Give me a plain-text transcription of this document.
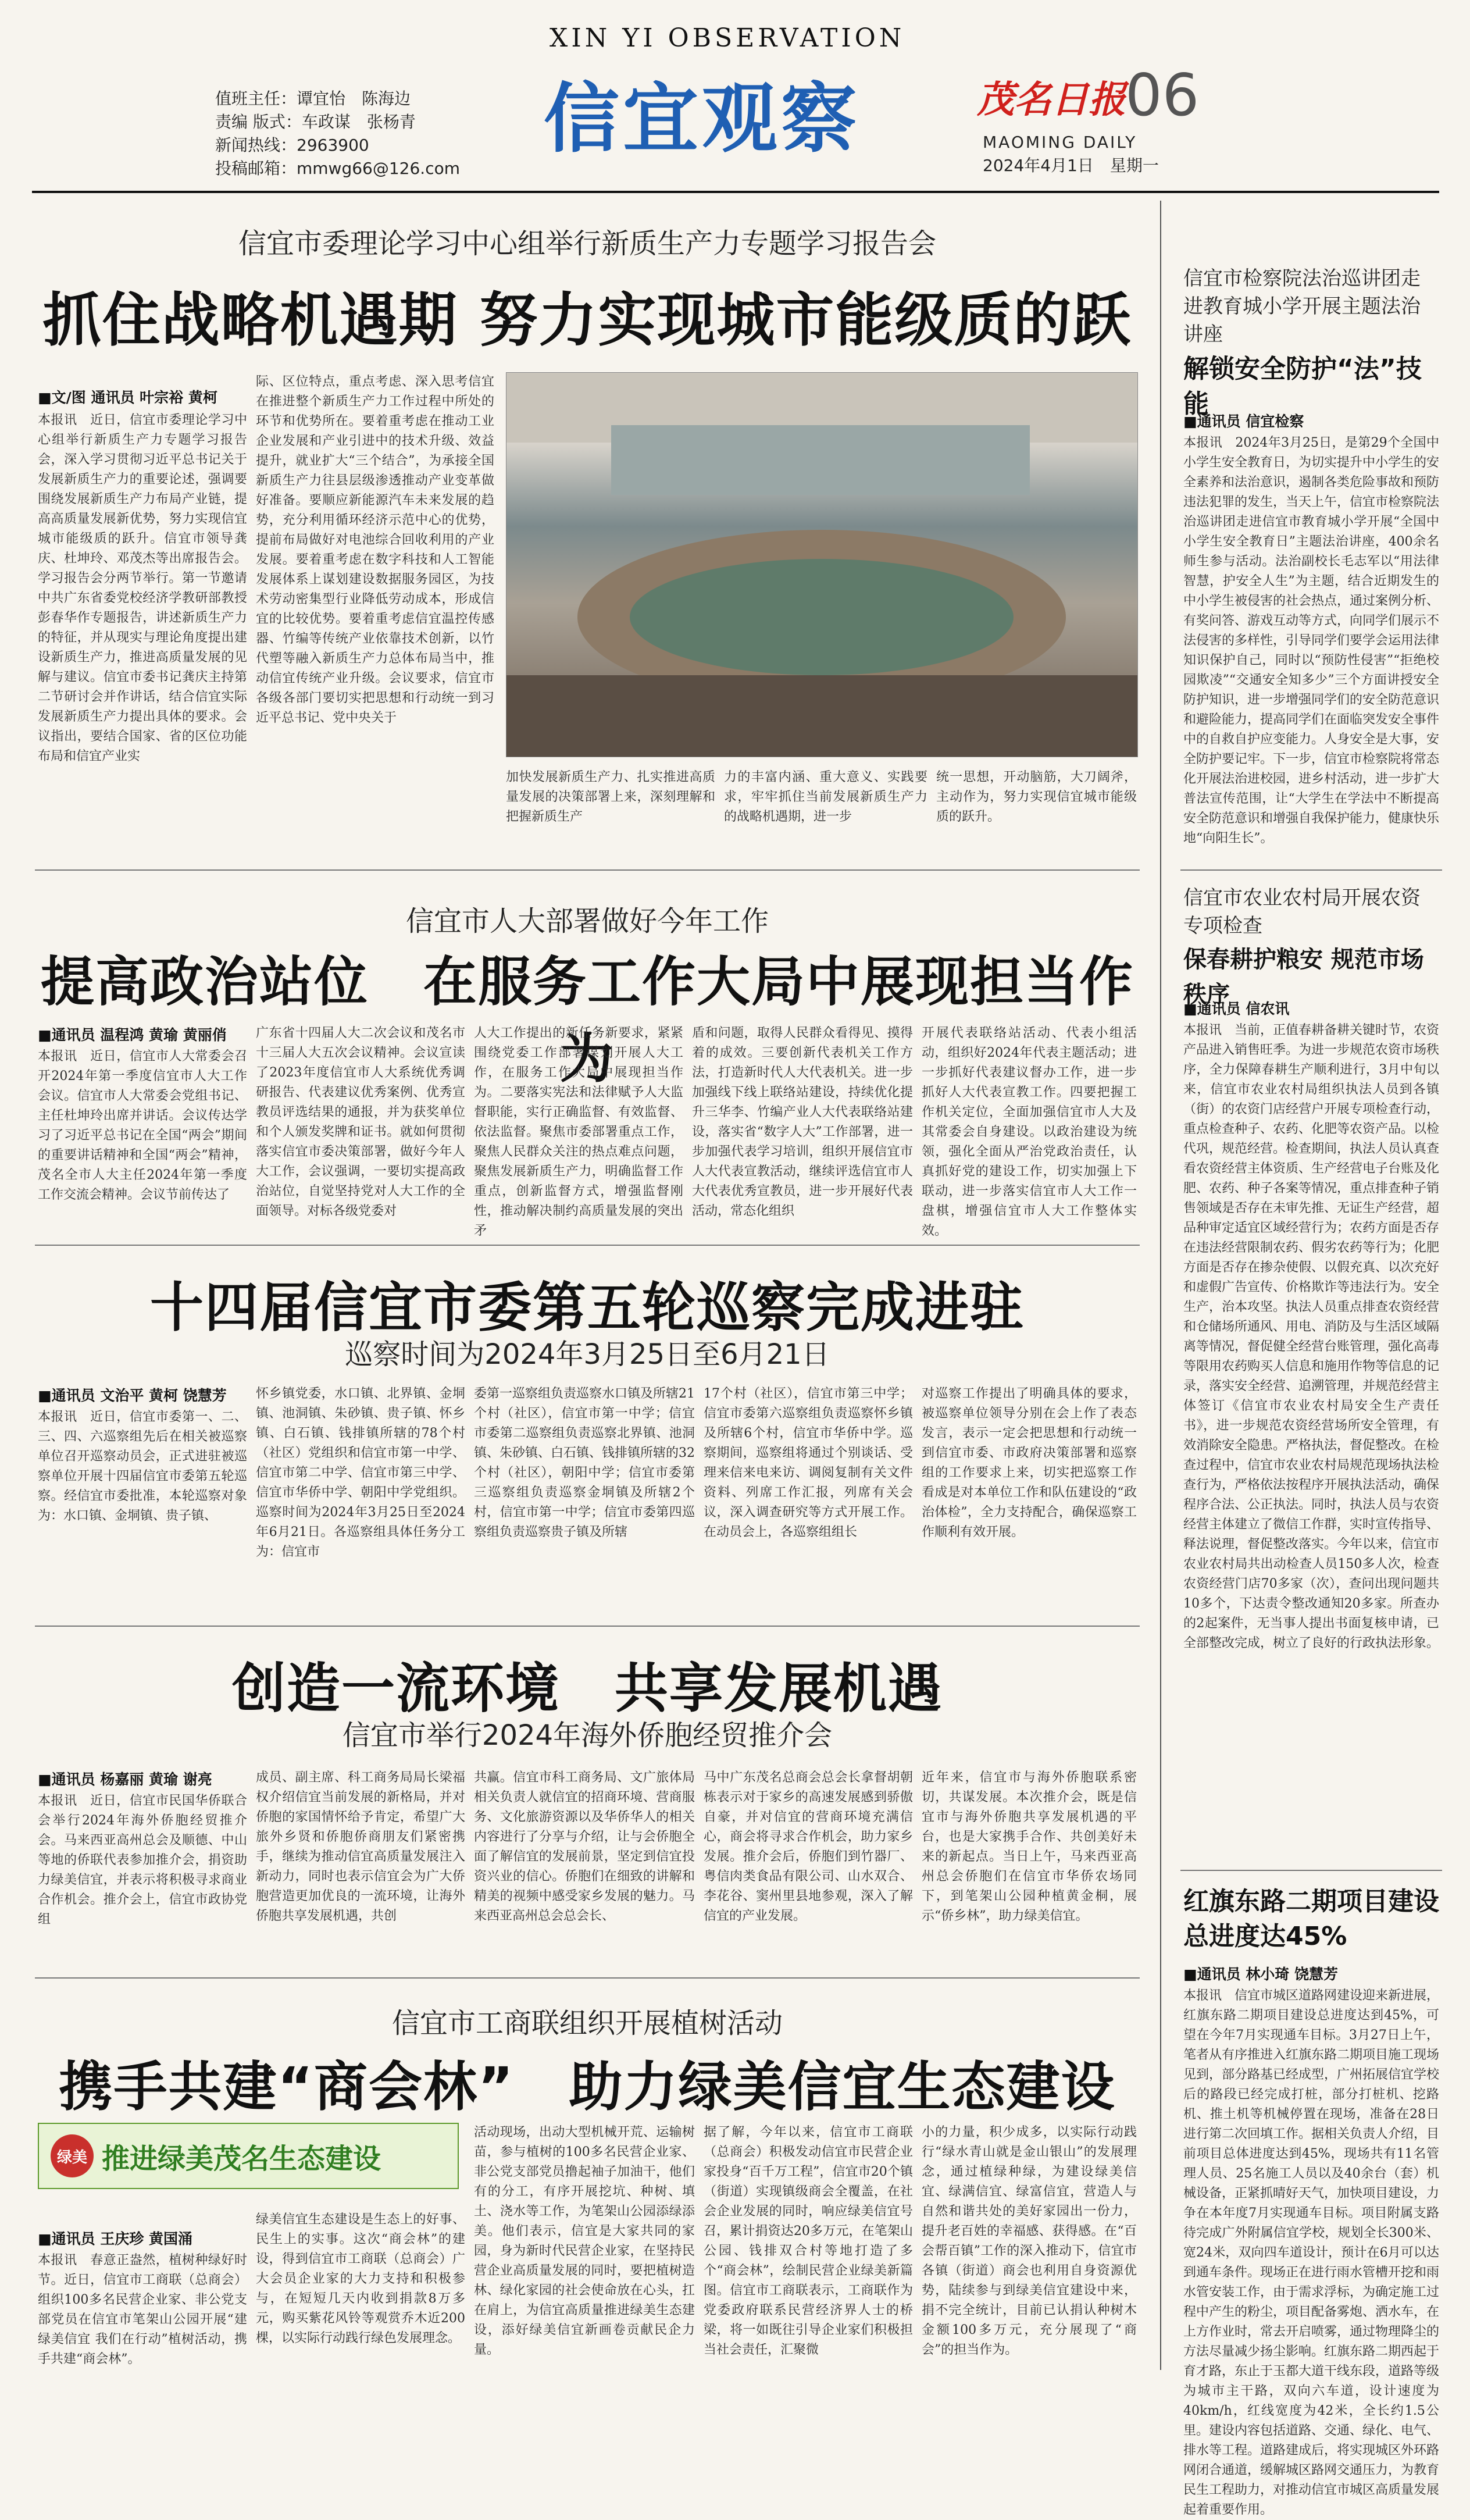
XIN YI OBSERVATION
信宜观察
值班主任：谭宜怡　陈海边
责编 版式：车政谋　张杨青
新闻热线：2963900
投稿邮箱：mmwg66@126.com
茂名日报 06
MAOMING DAILY
2024年4月1日　星期一
信宜市委理论学习中心组举行新质生产力专题学习报告会
抓住战略机遇期 努力实现城市能级质的跃
■文/图 通讯员 叶宗裕 黄柯
本报讯　近日，信宜市委理论学习中心组举行新质生产力专题学习报告会，深入学习贯彻习近平总书记关于发展新质生产力的重要论述，强调要围绕发展新质生产力布局产业链，提高高质量发展新优势，努力实现信宜城市能级质的跃升。信宜市领导龚庆、杜坤玲、邓茂杰等出席报告会。学习报告会分两节举行。第一节邀请中共广东省委党校经济学教研部教授彭春华作专题报告，讲述新质生产力的特征，并从现实与理论角度提出建设新质生产力，推进高质量发展的见解与建议。信宜市委书记龚庆主持第二节研讨会并作讲话，结合信宜实际发展新质生产力提出具体的要求。会议指出，要结合国家、省的区位功能布局和信宜产业实
际、区位特点，重点考虑、深入思考信宜在推进整个新质生产力工作过程中所处的环节和优势所在。要着重考虑在推动工业企业发展和产业引进中的技术升级、效益提升，就业扩大“三个结合”，为承接全国新质生产力往县层级渗透推动产业变革做好准备。要顺应新能源汽车未来发展的趋势，充分利用循环经济示范中心的优势，提前布局做好对电池综合回收利用的产业发展。要着重考虑在数字科技和人工智能发展体系上谋划建设数据服务园区，为技术劳动密集型行业降低劳动成本，形成信宜的比较优势。要着重考虑信宜温控传感器、竹编等传统产业依靠技术创新，以竹代塑等融入新质生产力总体布局当中，推动信宜传统产业升级。会议要求，信宜市各级各部门要切实把思想和行动统一到习近平总书记、党中央关于
加快发展新质生产力、扎实推进高质量发展的决策部署上来，深刻理解和把握新质生产
力的丰富内涵、重大意义、实践要求，牢牢抓住当前发展新质生产力的战略机遇期，进一步
统一思想，开动脑筋，大刀阔斧，主动作为，努力实现信宜城市能级质的跃升。
信宜市人大部署做好今年工作
提高政治站位　在服务工作大局中展现担当作为
■通讯员 温程鸿 黄瑜 黄丽俏
本报讯　近日，信宜市人大常委会召开2024年第一季度信宜市人大工作会议。信宜市人大常委会党组书记、主任杜坤玲出席并讲话。会议传达学习了习近平总书记在全国“两会”期间的重要讲话精神和全国“两会”精神，茂名全市人大主任2024年第一季度工作交流会精神。会议节前传达了
广东省十四届人大二次会议和茂名市十三届人大五次会议精神。会议宣读了2023年度信宜市人大系统优秀调研报告、代表建议优秀案例、优秀宣教员评选结果的通报，并为获奖单位和个人颁发奖牌和证书。就如何贯彻落实信宜市委决策部署，做好今年人大工作，会议强调，一要切实提高政治站位，自觉坚持党对人大工作的全面领导。对标各级党委对
人大工作提出的新任务新要求，紧紧围绕党委工作部署谋划开展人大工作，在服务工作大局中展现担当作为。二要落实宪法和法律赋予人大监督职能，实行正确监督、有效监督、依法监督。聚焦市委部署重点工作，聚焦人民群众关注的热点难点问题，聚焦发展新质生产力，明确监督工作重点，创新监督方式，增强监督刚性，推动解决制约高质量发展的突出矛
盾和问题，取得人民群众看得见、摸得着的成效。三要创新代表机关工作方法，打造新时代人大代表机关。进一步加强线下线上联络站建设，持续优化提升三华李、竹编产业人大代表联络站建设，落实省“数字人大”工作部署，进一步加强代表学习培训，组织开展信宜市人大代表宣教活动，继续评选信宜市人大代表优秀宣教员，进一步开展好代表活动，常态化组织
开展代表联络站活动、代表小组活动，组织好2024年代表主题活动；进一步抓好代表建议督办工作，进一步抓好人大代表宣教工作。四要把握工作机关定位，全面加强信宜市人大及其常委会自身建设。以政治建设为统领，强化全面从严治党政治责任，认真抓好党的建设工作，切实加强上下联动，进一步落实信宜市人大工作一盘棋，增强信宜市人大工作整体实效。
十四届信宜市委第五轮巡察完成进驻
巡察时间为2024年3月25日至6月21日
■通讯员 文治平 黄柯 饶慧芳
本报讯　近日，信宜市委第一、二、三、四、六巡察组先后在相关被巡察单位召开巡察动员会，正式进驻被巡察单位开展十四届信宜市委第五轮巡察。经信宜市委批准，本轮巡察对象为：水口镇、金垌镇、贵子镇、
怀乡镇党委，水口镇、北界镇、金垌镇、池洞镇、朱砂镇、贵子镇、怀乡镇、白石镇、钱排镇所辖的78个村（社区）党组织和信宜市第一中学、信宜市第二中学、信宜市第三中学、信宜市华侨中学、朝阳中学党组织。巡察时间为2024年3月25日至2024年6月21日。各巡察组具体任务分工为：信宜市
委第一巡察组负责巡察水口镇及所辖21个村（社区），信宜市第一中学；信宜市委第二巡察组负责巡察北界镇、池洞镇、朱砂镇、白石镇、钱排镇所辖的32个村（社区），朝阳中学；信宜市委第三巡察组负责巡察金垌镇及所辖2个村，信宜市第一中学；信宜市委第四巡察组负责巡察贵子镇及所辖
17个村（社区），信宜市第三中学；信宜市委第六巡察组负责巡察怀乡镇及所辖6个村，信宜市华侨中学。巡察期间，巡察组将通过个别谈话、受理来信来电来访、调阅复制有关文件资料、列席工作汇报，列席有关会议，深入调查研究等方式开展工作。在动员会上，各巡察组组长
对巡察工作提出了明确具体的要求，被巡察单位领导分别在会上作了表态发言，表示一定会把思想和行动统一到信宜市委、市政府决策部署和巡察组的工作要求上来，切实把巡察工作看成是对本单位工作和队伍建设的“政治体检”，全力支持配合，确保巡察工作顺利有效开展。
创造一流环境　共享发展机遇
信宜市举行2024年海外侨胞经贸推介会
■通讯员 杨嘉丽 黄瑜 谢亮
本报讯　近日，信宜市民国华侨联合会举行2024年海外侨胞经贸推介会。马来西亚高州总会及顺德、中山等地的侨联代表参加推介会，捐资助力绿美信宜，并表示将积极寻求商业合作机会。推介会上，信宜市政协党组
成员、副主席、科工商务局局长梁福权介绍信宜当前发展的新格局，并对侨胞的家国情怀给予肯定，希望广大旅外乡贤和侨胞侨商朋友们紧密携手，继续为推动信宜高质量发展注入新动力，同时也表示信宜会为广大侨胞营造更加优良的一流环境，让海外侨胞共享发展机遇，共创
共赢。信宜市科工商务局、文广旅体局相关负责人就信宜的招商环境、营商服务、文化旅游资源以及华侨华人的相关内容进行了分享与介绍，让与会侨胞全面了解信宜的发展前景，坚定到信宜投资兴业的信心。侨胞们在细致的讲解和精美的视频中感受家乡发展的魅力。马来西亚高州总会总会长、
马中广东茂名总商会总会长拿督胡朝栋表示对于家乡的高速发展感到骄傲自豪，并对信宜的营商环境充满信心，商会将寻求合作机会，助力家乡发展。推介会后，侨胞们到竹器厂、粤信肉类食品有限公司、山水双合、李花谷、窦州里县地参观，深入了解信宜的产业发展。
近年来，信宜市与海外侨胞联系密切，共谋发展。本次推介会，既是信宜市与海外侨胞共享发展机遇的平台，也是大家携手合作、共创美好未来的新起点。当日上午，马来西亚高州总会侨胞们在信宜市华侨农场同下，到笔架山公园种植黄金桐，展示“侨乡林”，助力绿美信宜。
信宜市工商联组织开展植树活动
携手共建“商会林”　助力绿美信宜生态建设
绿美 推进绿美茂名生态建设
■通讯员 王庆珍 黄国涌
本报讯　春意正盎然，植树种绿好时节。近日，信宜市工商联（总商会）组织100多名民营企业家、非公党支部党员在信宜市笔架山公园开展“建绿美信宜 我们在行动”植树活动，携手共建“商会林”。
绿美信宜生态建设是生态上的好事、民生上的实事。这次“商会林”的建设，得到信宜市工商联（总商会）广大会员企业家的大力支持和积极参与，在短短几天内收到捐款8万多元，购买紫花风铃等观赏乔木近200棵，以实际行动践行绿色发展理念。
活动现场，出动大型机械开荒、运输树苗，参与植树的100多名民营企业家、非公党支部党员撸起袖子加油干，他们有的分工，有序开展挖坑、种树、填土、浇水等工作，为笔架山公园添绿添美。他们表示，信宜是大家共同的家园，身为新时代民营企业家，在坚持民营企业高质量发展的同时，要把植树造林、绿化家园的社会使命放在心头，扛在肩上，为信宜高质量推进绿美生态建设，添好绿美信宜新画卷贡献民企力量。
据了解，今年以来，信宜市工商联（总商会）积极发动信宜市民营企业家投身“百千万工程”，信宜市20个镇（街道）实现镇级商会全覆盖，在社会企业发展的同时，响应绿美信宜号召，累计捐资达20多万元，在笔架山公园、钱排双合村等地打造了多个“商会林”，绘制民营企业绿美新篇图。信宜市工商联表示，工商联作为党委政府联系民营经济界人士的桥梁，将一如既往引导企业家们积极担当社会责任，汇聚微
小的力量，积少成多，以实际行动践行“绿水青山就是金山银山”的发展理念，通过植绿种绿，为建设绿美信宜、绿满信宜、绿富信宜，营造人与自然和谐共处的美好家园出一份力，提升老百姓的幸福感、获得感。在“百会帮百镇”工作的深入推动下，信宜市各镇（街道）商会也利用自身资源优势，陆续参与到绿美信宜建设中来，捐不完全统计，目前已认捐认种树木金额100多万元，充分展现了“商会”的担当作为。
信宜市检察院法治巡讲团走进教育城小学开展主题法治讲座
解锁安全防护“法”技能
■通讯员 信宜检察
本报讯　2024年3月25日，是第29个全国中小学生安全教育日，为切实提升中小学生的安全素养和法治意识，遏制各类危险事故和预防违法犯罪的发生，当天上午，信宜市检察院法治巡讲团走进信宜市教育城小学开展“全国中小学生安全教育日”主题法治讲座，400余名师生参与活动。法治副校长毛志军以“用法律智慧，护安全人生”为主题，结合近期发生的中小学生被侵害的社会热点，通过案例分析、有奖问答、游戏互动等方式，向同学们展示不法侵害的多样性，引导同学们要学会运用法律知识保护自己，同时以“预防性侵害”“拒绝校园欺凌”“交通安全知多少”三个方面讲授安全防护知识，进一步增强同学们的安全防范意识和避险能力，提高同学们在面临突发安全事件中的自救自护应变能力。人身安全是大事，安全防护要记牢。下一步，信宜市检察院将常态化开展法治进校园，进乡村活动，进一步扩大普法宣传范围，让“大学生在学法中不断提高安全防范意识和增强自我保护能力，健康快乐地“向阳生长”。
信宜市农业农村局开展农资专项检查
保春耕护粮安 规范市场秩序
■通讯员 信农讯
本报讯　当前，正值春耕备耕关键时节，农资产品进入销售旺季。为进一步规范农资市场秩序，全力保障春耕生产顺利进行，3月中旬以来，信宜市农业农村局组织执法人员到各镇（街）的农资门店经营户开展专项检查行动，重点检查种子、农药、化肥等农资产品。以检代巩，规范经营。检查期间，执法人员认真查看农资经营主体资质、生产经营电子台账及化肥、农药、种子各案等情况，重点排查种子销售领域是否存在未审先推、无证生产经营，超品种审定适宜区域经营行为；农药方面是否存在违法经营限制农药、假劣农药等行为；化肥方面是否存在掺杂使假、以假充真、以次充好和虚假广告宣传、价格欺诈等违法行为。安全生产，治本攻坚。执法人员重点排查农资经营和仓储场所通风、用电、消防及与生活区域隔离等情况，督促健全经营台账管理，强化高毒等限用农药购买人信息和施用作物等信息的记录，落实安全经营、追溯管理，并规范经营主体签订《信宜市农业农村局安全生产责任书》，进一步规范农资经营场所安全管理，有效消除安全隐患。严格执法，督促整改。在检查过程中，信宜市农业农村局规范现场执法检查行为，严格依法按程序开展执法活动，确保程序合法、公正执法。同时，执法人员与农资经营主体建立了微信工作群，实时宣传指导、释法说理，督促整改落实。今年以来，信宜市农业农村局共出动检查人员150多人次，检查农资经营门店70多家（次），查问出现问题共10多个，下达责令整改通知20多家。所查办的2起案件，无当事人提出书面复核申请，已全部整改完成，树立了良好的行政执法形象。
红旗东路二期项目建设总进度达45%
■通讯员 林小琦 饶慧芳
本报讯　信宜市城区道路网建设迎来新进展，红旗东路二期项目建设总进度达到45%，可望在今年7月实现通车目标。3月27日上午，笔者从有序推进入红旗东路二期项目施工现场见到，部分路基已经成型，广州拓展信宜学校后的路段已经完成打桩，部分打桩机、挖路机、推土机等机械停置在现场，准备在28日进行第二次回填工作。据相关负责人介绍，目前项目总体进度达到45%，现场共有11名管理人员、25名施工人员以及40余台（套）机械设备，正紧抓晴好天气，加快项目建设，力争在本年度7月实现通车目标。项目附属支路待完成广外附属信宜学校，规划全长300米、宽24米，双向四车道设计，预计在6月可以达到通车条件。现场正在进行雨水管槽开挖和雨水管安装工作，由于需求浮标，为确定施工过程中产生的粉尘，项目配备雾炮、洒水车，在上方作业时，常去开启喷雾，通过物理降尘的方法尽量减少扬尘影响。红旗东路二期西起于育才路，东止于玉都大道干线东段，道路等级为城市主干路，双向六车道，设计速度为40km/h，红线宽度为42米，全长约1.5公里。建设内容包括道路、交通、绿化、电气、排水等工程。道路建成后，将实现城区外环路网闭合通道，缓解城区路网交通压力，为教育民生工程助力，对推动信宜市城区高质量发展起着重要作用。
